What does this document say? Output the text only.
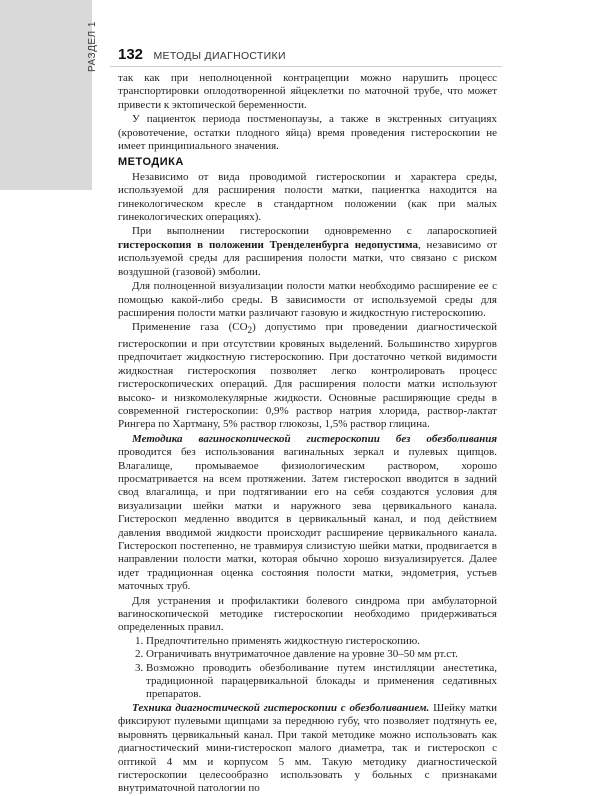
РАЗДЕЛ 1 132 МЕТОДЫ ДИАГНОСТИКИ

так как при неполноценной контрацепции можно нарушить процесс транспортировки оплодотворенной яйцеклетки по маточной трубе, что может привести к эктопической беременности.

У пациенток периода постменопаузы, а также в экстренных ситуациях (кровотечение, остатки плодного яйца) время проведения гистероскопии не имеет принципиального значения.

МЕТОДИКА

Независимо от вида проводимой гистероскопии и характера среды, используемой для расширения полости матки, пациентка находится на гинекологическом кресле в стандартном положении (как при малых гинекологических операциях).

При выполнении гистероскопии одновременно с лапароскопией гистероскопия в положении Тренделенбурга недопустима, независимо от используемой среды для расширения полости матки, что связано с риском воздушной (газовой) эмболии.

Для полноценной визуализации полости матки необходимо расширение ее с помощью какой-либо среды. В зависимости от используемой среды для расширения полости матки различают газовую и жидкостную гистероскопию.

Применение газа $(CO_2)$ допустимо при проведении диагностической гистероскопии и при отсутствии кровяных выделений. Большинство хирургов предпочитает жидкостную гистероскопию. При достаточно четкой видимости жидкостная гистероскопия позволяет легко контролировать процесс гистероскопических операций. Для расширения полости матки используют высоко- и низкомолекулярные жидкости. Основные расширяющие среды в современной гистероскопии: 0,9% раствор натрия хлорида, раствор-лактат Рингера по Хартману, 5% раствор глюкозы, 1,5% раствор глицина.

Методика вагиноскопической гистероскопии без обезболивания проводится без использования вагинальных зеркал и пулевых щипцов. Влагалище, промываемое физиологическим раствором, хорошо просматривается на всем протяжении. Затем гистероскоп вводится в задний свод влагалища, и при подтягивании его на себя создаются условия для визуализации шейки матки и наружного зева цервикального канала. Гистероскоп медленно вводится в цервикальный канал, и под действием давления вводимой жидкости происходит расширение цервикального канала. Гистероскоп постепенно, не травмируя слизистую шейки матки, продвигается в направлении полости матки, которая обычно хорошо визуализируется. Далее идет традиционная оценка состояния полости матки, эндометрия, устьев маточных труб.

Для устранения и профилактики болевого синдрома при амбулаторной вагиноскопической методике гистероскопии необходимо придерживаться определенных правил.

1. Предпочтительно применять жидкостную гистероскопию.
2. Ограничивать внутриматочное давление на уровне 30–50 мм рт.ст.
3. Возможно проводить обезболивание путем инстилляции анестетика, традиционной парацервикальной блокады и применения седативных препаратов.

Техника диагностической гистероскопии с обезболиванием. Шейку матки фиксируют пулевыми щипцами за переднюю губу, что позволяет подтянуть ее, выровнять цервикальный канал. При такой методике можно использовать как диагностический мини-гистероскоп малого диаметра, так и гистероскоп с оптикой 4 мм и корпусом 5 мм. Такую методику диагностической гистероскопии целесообразно использовать у больных с признаками внутриматочной патологии по
